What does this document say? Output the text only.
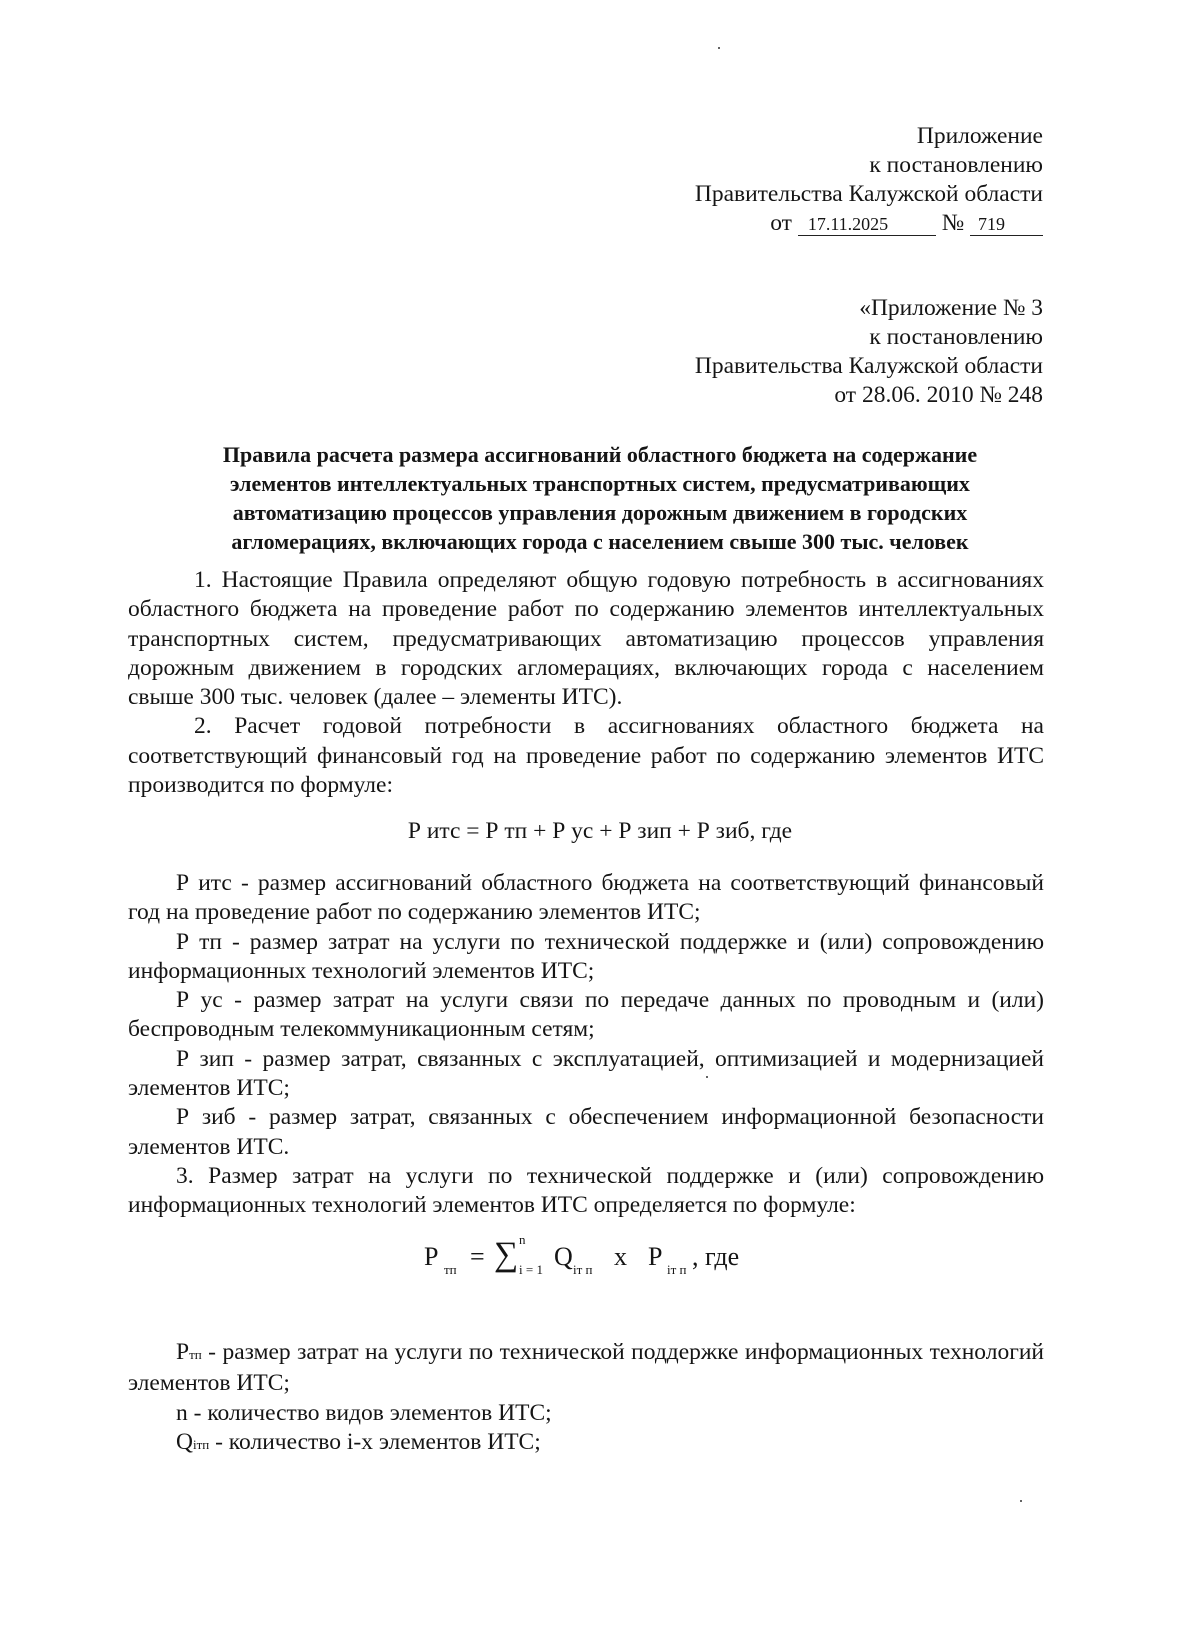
Приложение
к постановлению
Правительства Калужской области
от 17.11.2025 № 719
«Приложение № 3
к постановлению
Правительства Калужской области
от 28.06. 2010 № 248
Правила расчета размера ассигнований областного бюджета на содержание
элементов интеллектуальных транспортных систем, предусматривающих
автоматизацию процессов управления дорожным движением в городских
агломерациях, включающих города с населением свыше 300 тыс. человек

1. Настоящие Правила определяют общую годовую потребность в ассигнованиях областного бюджета на проведение работ по содержанию элементов интеллектуальных транспортных систем, предусматривающих автоматизацию процессов управления дорожным движением в городских агломерациях, включающих города с населением свыше 300 тыс. человек (далее – элементы ИТС).

2. Расчет годовой потребности в ассигнованиях областного бюджета на соответствующий финансовый год на проведение работ по содержанию элементов ИТС производится по формуле:

Р итс = Р тп + Р ус + Р зип + Р зиб, где

Р итс - размер ассигнований областного бюджета на соответствующий финансовый год на проведение работ по содержанию элементов ИТС;

Р тп - размер затрат на услуги по технической поддержке и (или) сопровождению информационных технологий элементов ИТС;

Р ус - размер затрат на услуги связи по передаче данных по проводным и (или) беспроводным телекоммуникационным сетям;

Р зип - размер затрат, связанных с эксплуатацией, оптимизацией и модернизацией элементов ИТС;

Р зиб - размер затрат, связанных с обеспечением информационной безопасности элементов ИТС.

3. Размер затрат на услуги по технической поддержке и (или) сопровождению информационных технологий элементов ИТС определяется по формуле:

Р тп = ∑ n
i = 1 Q iт п x Р iт п , где

Ртп - размер затрат на услуги по технической поддержке информационных технологий элементов ИТС;

n - количество видов элементов ИТС;

Qiтп - количество i-х элементов ИТС;
